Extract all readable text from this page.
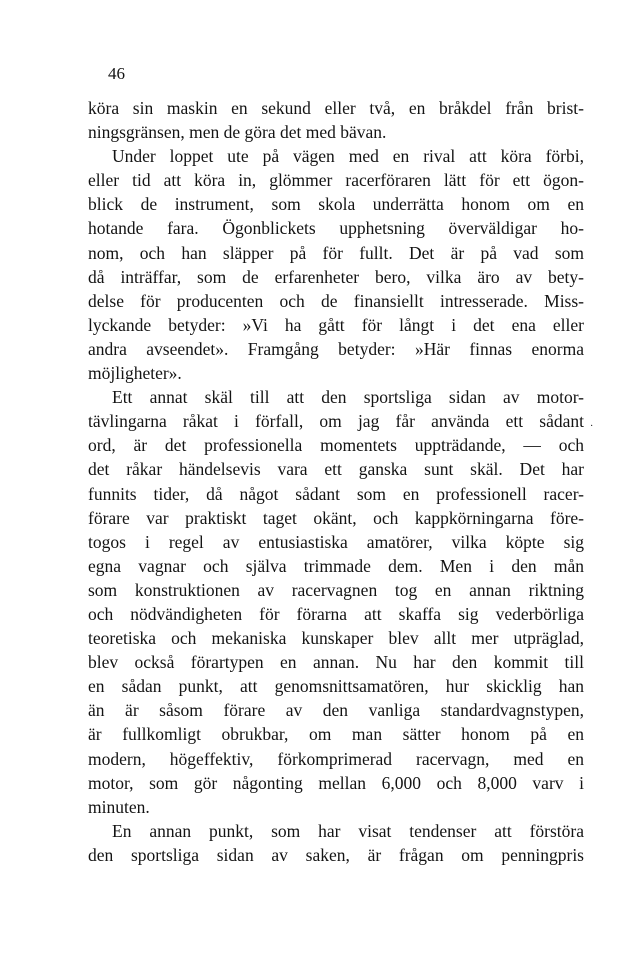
46
köra sin maskin en sekund eller två, en bråkdel från brist-
ningsgränsen, men de göra det med bävan.
Under loppet ute på vägen med en rival att köra förbi,
eller tid att köra in, glömmer racerföraren lätt för ett ögon-
blick de instrument, som skola underrätta honom om en
hotande fara. Ögonblickets upphetsning överväldigar ho-
nom, och han släpper på för fullt. Det är på vad som
då inträffar, som de erfarenheter bero, vilka äro av bety-
delse för producenten och de finansiellt intresserade. Miss-
lyckande betyder: »Vi ha gått för långt i det ena eller
andra avseendet». Framgång betyder: »Här finnas enorma
möjligheter».
Ett annat skäl till att den sportsliga sidan av motor-
tävlingarna råkat i förfall, om jag får använda ett sådant
ord, är det professionella momentets uppträdande, — och
det råkar händelsevis vara ett ganska sunt skäl. Det har
funnits tider, då något sådant som en professionell racer-
förare var praktiskt taget okänt, och kappkörningarna före-
togos i regel av entusiastiska amatörer, vilka köpte sig
egna vagnar och själva trimmade dem. Men i den mån
som konstruktionen av racervagnen tog en annan riktning
och nödvändigheten för förarna att skaffa sig vederbörliga
teoretiska och mekaniska kunskaper blev allt mer utpräglad,
blev också förartypen en annan. Nu har den kommit till
en sådan punkt, att genomsnittsamatören, hur skicklig han
än är såsom förare av den vanliga standardvagnstypen,
är fullkomligt obrukbar, om man sätter honom på en
modern, högeffektiv, förkomprimerad racervagn, med en
motor, som gör någonting mellan 6,000 och 8,000 varv i
minuten.
En annan punkt, som har visat tendenser att förstöra
den sportsliga sidan av saken, är frågan om penningpris
·
